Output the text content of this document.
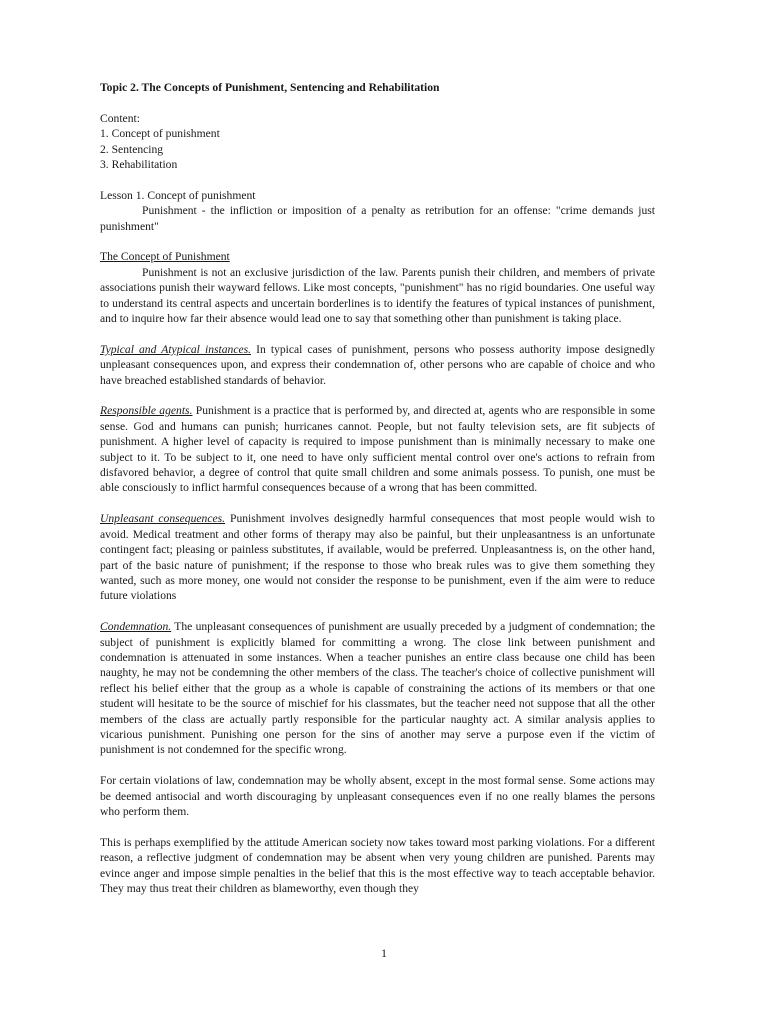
Topic 2. The Concepts of Punishment, Sentencing and Rehabilitation

Content:

1. Concept of punishment

2. Sentencing

3. Rehabilitation

Lesson 1. Concept of punishment

Punishment - the infliction or imposition of a penalty as retribution for an offense: "crime demands just punishment"

The Concept of Punishment

Punishment is not an exclusive jurisdiction of the law. Parents punish their children, and members of private associations punish their wayward fellows. Like most concepts, "punishment" has no rigid boundaries. One useful way to understand its central aspects and uncertain borderlines is to identify the features of typical instances of punishment, and to inquire how far their absence would lead one to say that something other than punishment is taking place.

Typical and Atypical instances. In typical cases of punishment, persons who possess authority impose designedly unpleasant consequences upon, and express their condemnation of, other persons who are capable of choice and who have breached established standards of behavior.

Responsible agents. Punishment is a practice that is performed by, and directed at, agents who are responsible in some sense. God and humans can punish; hurricanes cannot. People, but not faulty television sets, are fit subjects of punishment. A higher level of capacity is required to impose punishment than is minimally necessary to make one subject to it. To be subject to it, one need to have only sufficient mental control over one's actions to refrain from disfavored behavior, a degree of control that quite small children and some animals possess. To punish, one must be able consciously to inflict harmful consequences because of a wrong that has been committed.

Unpleasant consequences. Punishment involves designedly harmful consequences that most people would wish to avoid. Medical treatment and other forms of therapy may also be painful, but their unpleasantness is an unfortunate contingent fact; pleasing or painless substitutes, if available, would be preferred. Unpleasantness is, on the other hand, part of the basic nature of punishment; if the response to those who break rules was to give them something they wanted, such as more money, one would not consider the response to be punishment, even if the aim were to reduce future violations

Condemnation. The unpleasant consequences of punishment are usually preceded by a judgment of condemnation; the subject of punishment is explicitly blamed for committing a wrong. The close link between punishment and condemnation is attenuated in some instances. When a teacher punishes an entire class because one child has been naughty, he may not be condemning the other members of the class. The teacher's choice of collective punishment will reflect his belief either that the group as a whole is capable of constraining the actions of its members or that one student will hesitate to be the source of mischief for his classmates, but the teacher need not suppose that all the other members of the class are actually partly responsible for the particular naughty act. A similar analysis applies to vicarious punishment. Punishing one person for the sins of another may serve a purpose even if the victim of punishment is not condemned for the specific wrong.

For certain violations of law, condemnation may be wholly absent, except in the most formal sense. Some actions may be deemed antisocial and worth discouraging by unpleasant consequences even if no one really blames the persons who perform them.

This is perhaps exemplified by the attitude American society now takes toward most parking violations. For a different reason, a reflective judgment of condemnation may be absent when very young children are punished. Parents may evince anger and impose simple penalties in the belief that this is the most effective way to teach acceptable behavior. They may thus treat their children as blameworthy, even though they

1
